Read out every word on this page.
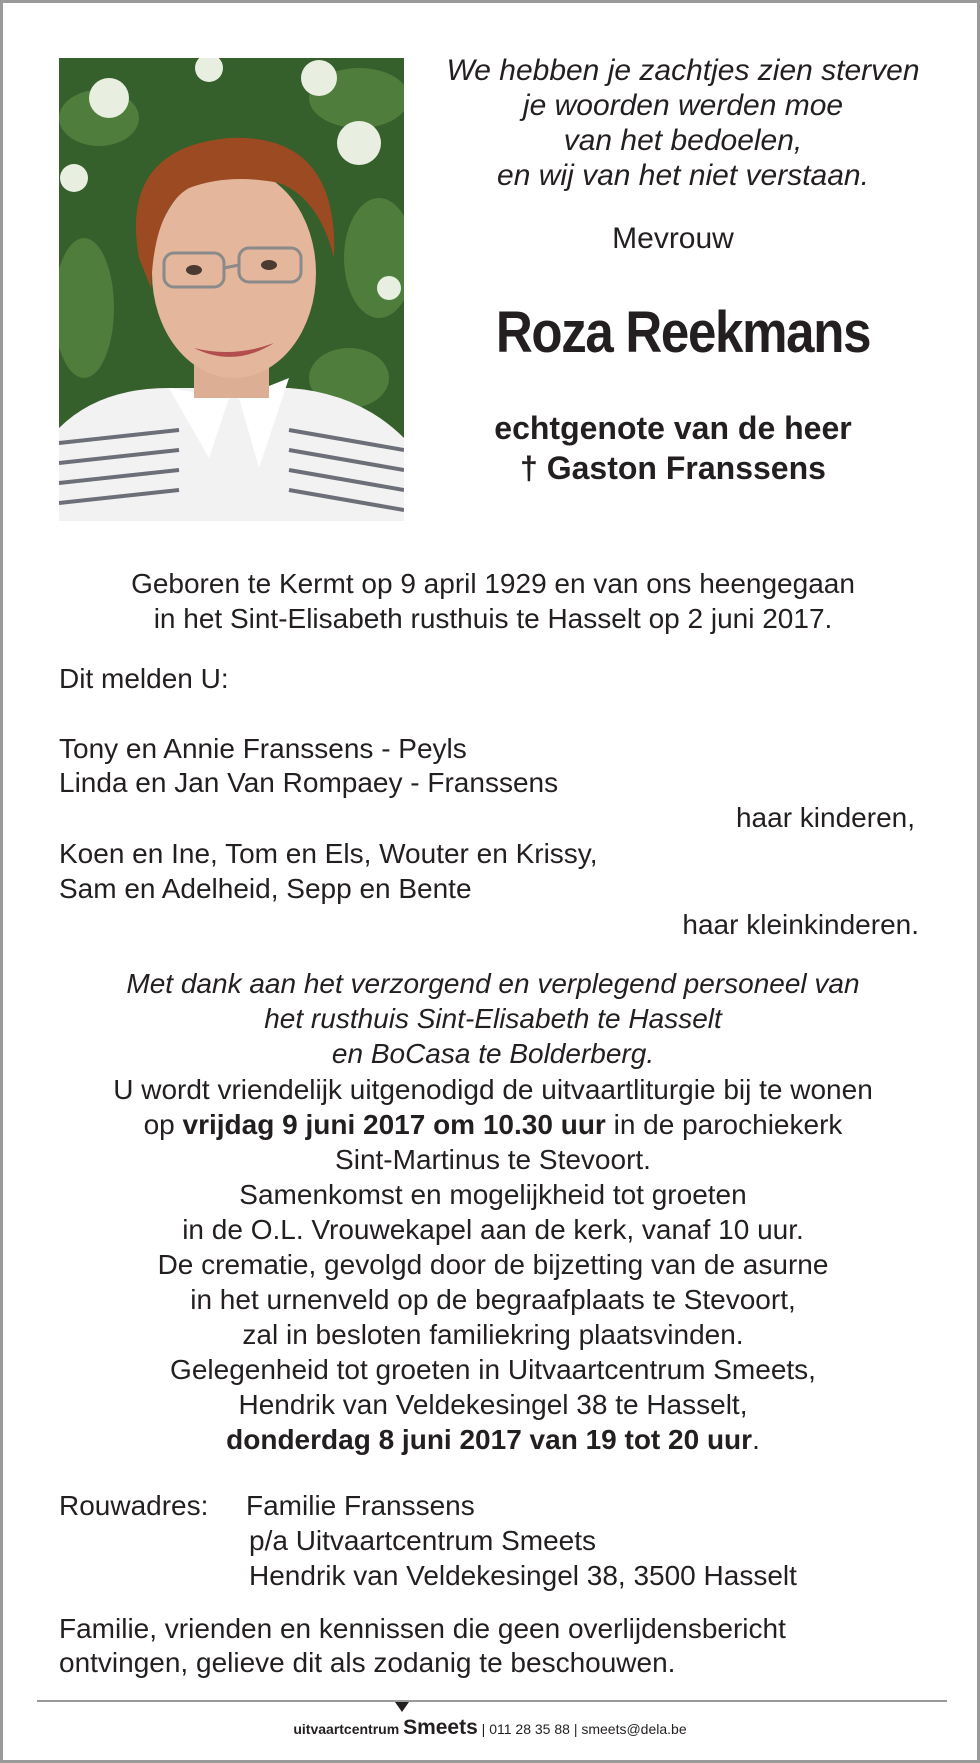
We hebben je zachtjes zien sterven
je woorden werden moe
van het bedoelen,
en wij van het niet verstaan.
Mevrouw
Roza Reekmans
echtgenote van de heer
† Gaston Franssens
Geboren te Kermt op 9 april 1929 en van ons heengegaan
in het Sint-Elisabeth rusthuis te Hasselt op 2 juni 2017.
Dit melden U:
Tony en Annie Franssens - Peyls
Linda en Jan Van Rompaey - Franssens
haar kinderen,
Koen en Ine, Tom en Els, Wouter en Krissy,
Sam en Adelheid, Sepp en Bente
haar kleinkinderen.
Met dank aan het verzorgend en verplegend personeel van
het rusthuis Sint-Elisabeth te Hasselt
en BoCasa te Bolderberg.
U wordt vriendelijk uitgenodigd de uitvaartliturgie bij te wonen
op vrijdag 9 juni 2017 om 10.30 uur in de parochiekerk
Sint-Martinus te Stevoort.
Samenkomst en mogelijkheid tot groeten
in de O.L. Vrouwekapel aan de kerk, vanaf 10 uur.
De crematie, gevolgd door de bijzetting van de asurne
in het urnenveld op de begraafplaats te Stevoort,
zal in besloten familiekring plaatsvinden.
Gelegenheid tot groeten in Uitvaartcentrum Smeets,
Hendrik van Veldekesingel 38 te Hasselt,
donderdag 8 juni 2017 van 19 tot 20 uur.
Rouwadres: Familie Franssens
p/a Uitvaartcentrum Smeets
Hendrik van Veldekesingel 38, 3500 Hasselt
Familie, vrienden en kennissen die geen overlijdensbericht
ontvingen, gelieve dit als zodanig te beschouwen.
uitvaartcentrum Smeets | 011 28 35 88 | smeets@dela.be
